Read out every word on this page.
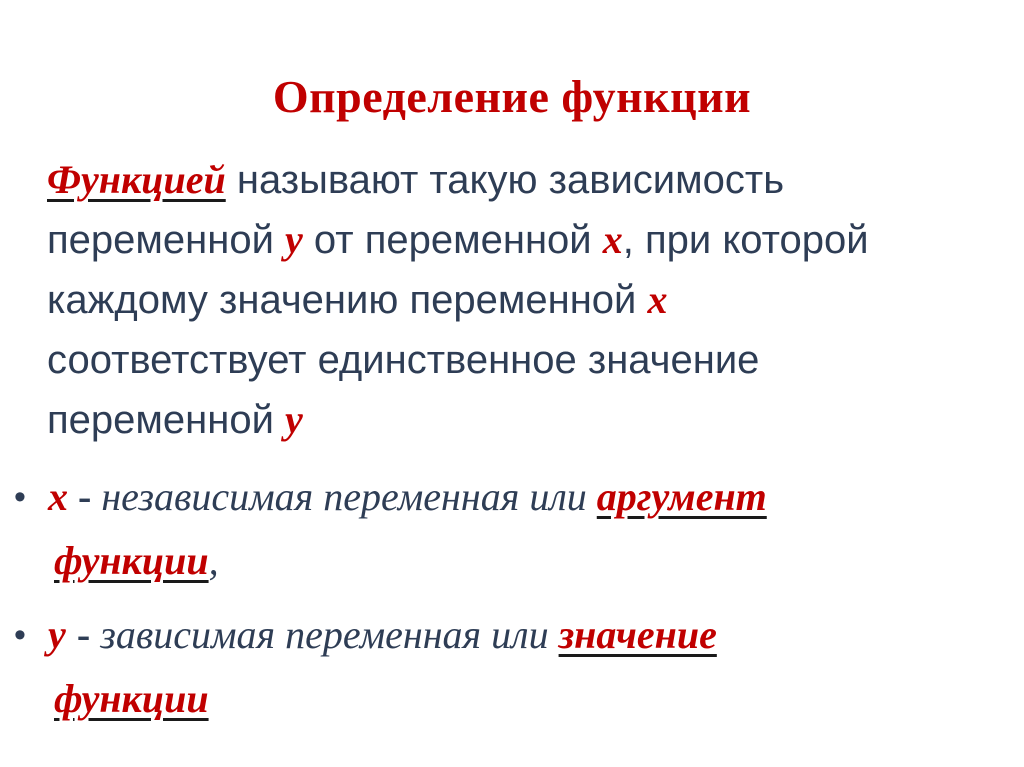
Определение функции
Функцией называют такую зависимость
переменной y от переменной x, при которой
каждому значению переменной x
соответствует единственное значение
переменной y
• x - независимая переменная или аргумент
функции,
• y - зависимая переменная или значение
функции
